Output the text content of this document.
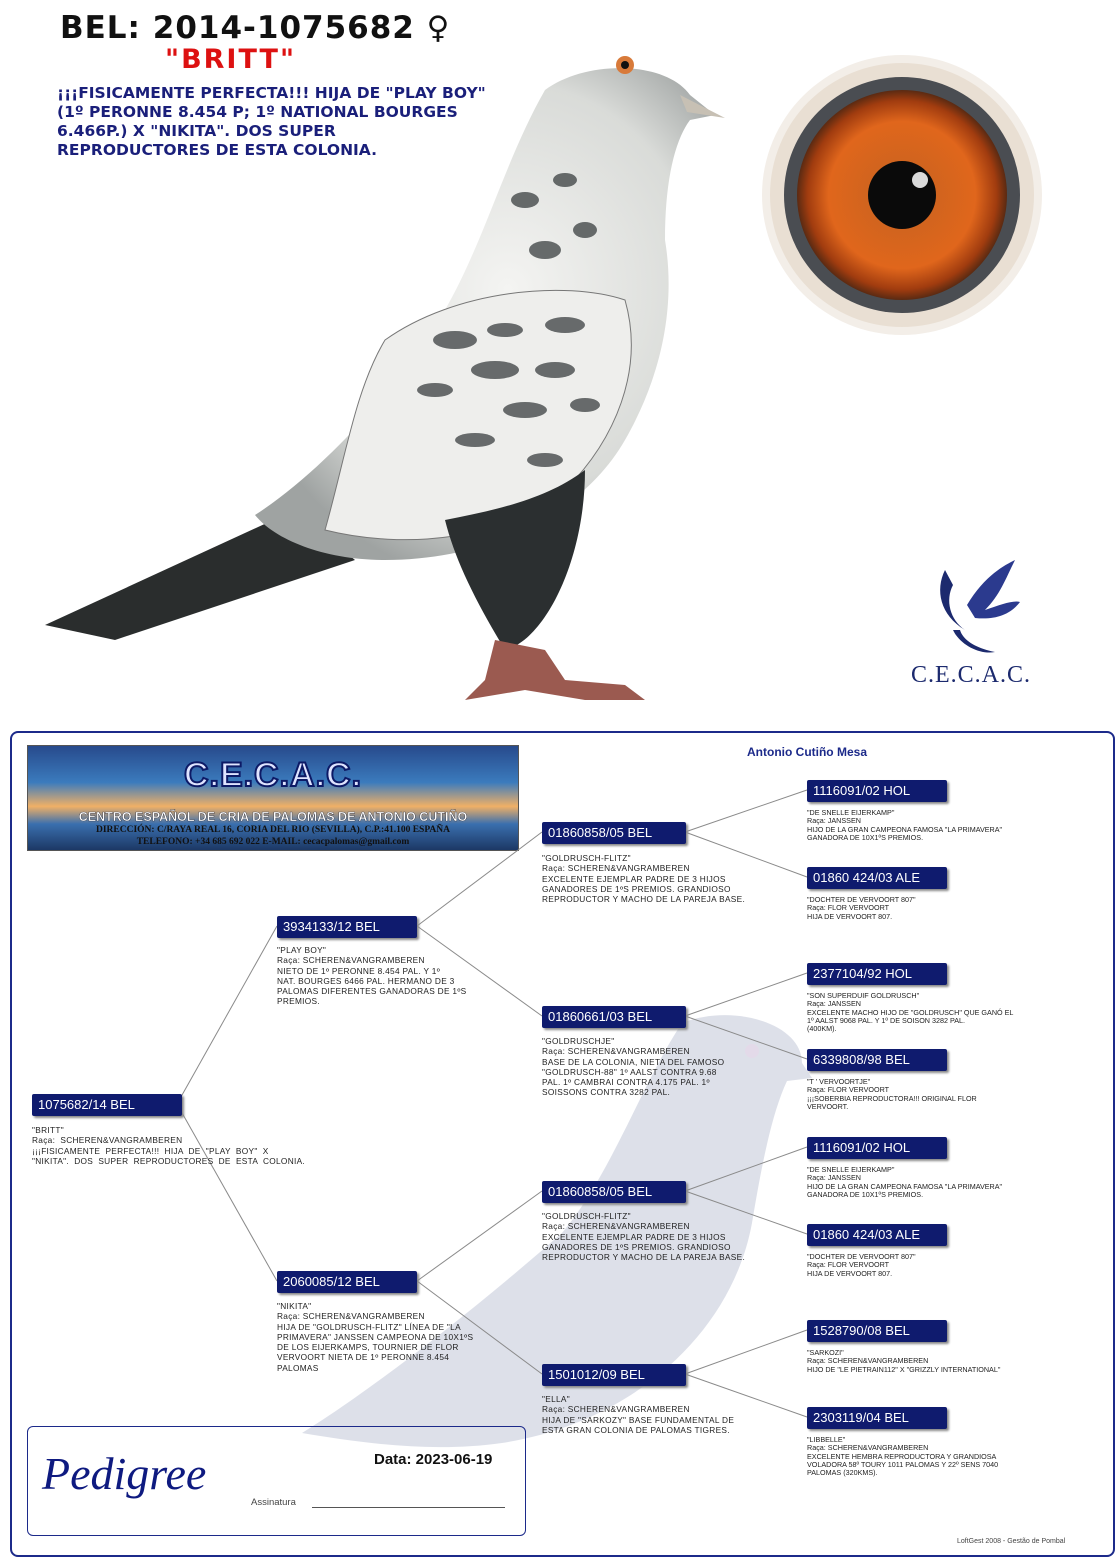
BEL: 2014-1075682 ♀
"BRITT"
¡¡¡FISICAMENTE PERFECTA!!! HIJA DE "PLAY BOY" (1º PERONNE 8.454 P; 1º NATIONAL BOURGES 6.466P.) X "NIKITA". DOS SUPER REPRODUCTORES DE ESTA COLONIA.
C.E.C.A.C.
C.E.C.A.C.
CENTRO ESPAÑOL DE CRIA DE PALOMAS DE ANTONIO CUTIÑO
DIRECCIÓN: C/RAYA REAL 16, CORIA DEL RIO (SEVILLA), C.P.:41.100 ESPAÑA
TELEFONO: +34 685 692 022 E-MAIL: cecacpalomas@gmail.com
Antonio Cutiño Mesa
1075682/14 BEL
"BRITT"
Raça:  SCHEREN&VANGRAMBEREN
¡¡¡FISICAMENTE  PERFECTA!!!  HIJA  DE  "PLAY  BOY"  X
"NIKITA".  DOS  SUPER  REPRODUCTORES  DE  ESTA  COLONIA.
3934133/12 BEL
"PLAY BOY"
Raça: SCHEREN&VANGRAMBEREN
NIETO DE 1º PERONNE 8.454 PAL. Y 1º
NAT. BOURGES 6466 PAL. HERMANO DE 3
PALOMAS DIFERENTES GANADORAS DE 1ºS
PREMIOS.
2060085/12 BEL
"NIKITA"
Raça: SCHEREN&VANGRAMBEREN
HIJA DE "GOLDRUSCH-FLITZ" LÍNEA DE "LA
PRIMAVERA" JANSSEN CAMPEONA DE 10X1ºS
DE LOS EIJERKAMPS, TOURNIER DE FLOR
VERVOORT NIETA DE 1º PERONNE 8.454
PALOMAS
01860858/05 BEL
"GOLDRUSCH-FLITZ"
Raça: SCHEREN&VANGRAMBEREN
EXCELENTE EJEMPLAR PADRE DE 3 HIJOS
GANADORES DE 1ºS PREMIOS. GRANDIOSO
REPRODUCTOR Y MACHO DE LA PAREJA BASE.
01860661/03 BEL
"GOLDRUSCHJE"
Raça: SCHEREN&VANGRAMBEREN
BASE DE LA COLONIA, NIETA DEL FAMOSO
"GOLDRUSCH-88" 1º AALST CONTRA 9.68
PAL. 1º CAMBRAI CONTRA 4.175 PAL. 1º
SOISSONS CONTRA 3282 PAL.
01860858/05 BEL
"GOLDRUSCH-FLITZ"
Raça: SCHEREN&VANGRAMBEREN
EXCELENTE EJEMPLAR PADRE DE 3 HIJOS
GANADORES DE 1ºS PREMIOS. GRANDIOSO
REPRODUCTOR Y MACHO DE LA PAREJA BASE.
1501012/09 BEL
"ELLA"
Raça: SCHEREN&VANGRAMBEREN
HIJA DE "SARKOZY" BASE FUNDAMENTAL DE
ESTA GRAN COLONIA DE PALOMAS TIGRES.
1116091/02 HOL
"DE SNELLE EIJERKAMP"
Raça: JANSSEN
HIJO DE LA GRAN CAMPEONA FAMOSA "LA PRIMAVERA"
GANADORA DE 10X1ºS PREMIOS.
01860 424/03 ALE
"DOCHTER DE VERVOORT 807"
Raça: FLOR VERVOORT
HIJA DE VERVOORT 807.
2377104/92 HOL
"SON SUPERDUIF GOLDRUSCH"
Raça: JANSSEN
EXCELENTE MACHO HIJO DE "GOLDRUSCH" QUE GANÓ EL
1º AALST 9068 PAL. Y 1º DE SOISON 3282 PAL.
(400KM).
6339808/98 BEL
"T ' VERVOORTJE"
Raça: FLOR VERVOORT
¡¡¡SOBERBIA REPRODUCTORA!!! ORIGINAL FLOR
VERVOORT.
1116091/02 HOL
"DE SNELLE EIJERKAMP"
Raça: JANSSEN
HIJO DE LA GRAN CAMPEONA FAMOSA "LA PRIMAVERA"
GANADORA DE 10X1ºS PREMIOS.
01860 424/03 ALE
"DOCHTER DE VERVOORT 807"
Raça: FLOR VERVOORT
HIJA DE VERVOORT 807.
1528790/08 BEL
"SARKOZI"
Raça: SCHEREN&VANGRAMBEREN
HIJO DE "LE PIETRAIN112" X "GRIZZLY INTERNATIONAL"
2303119/04 BEL
"LIBBELLE"
Raça: SCHEREN&VANGRAMBEREN
EXCELENTE HEMBRA REPRODUCTORA Y GRANDIOSA
VOLADORA 58º TOURY 1011 PALOMAS Y 22º SENS 7040
PALOMAS (320KMS).
Pedigree	Data: 2023-06-19
Assinatura
LoftGest 2008 - Gestão de Pombal
